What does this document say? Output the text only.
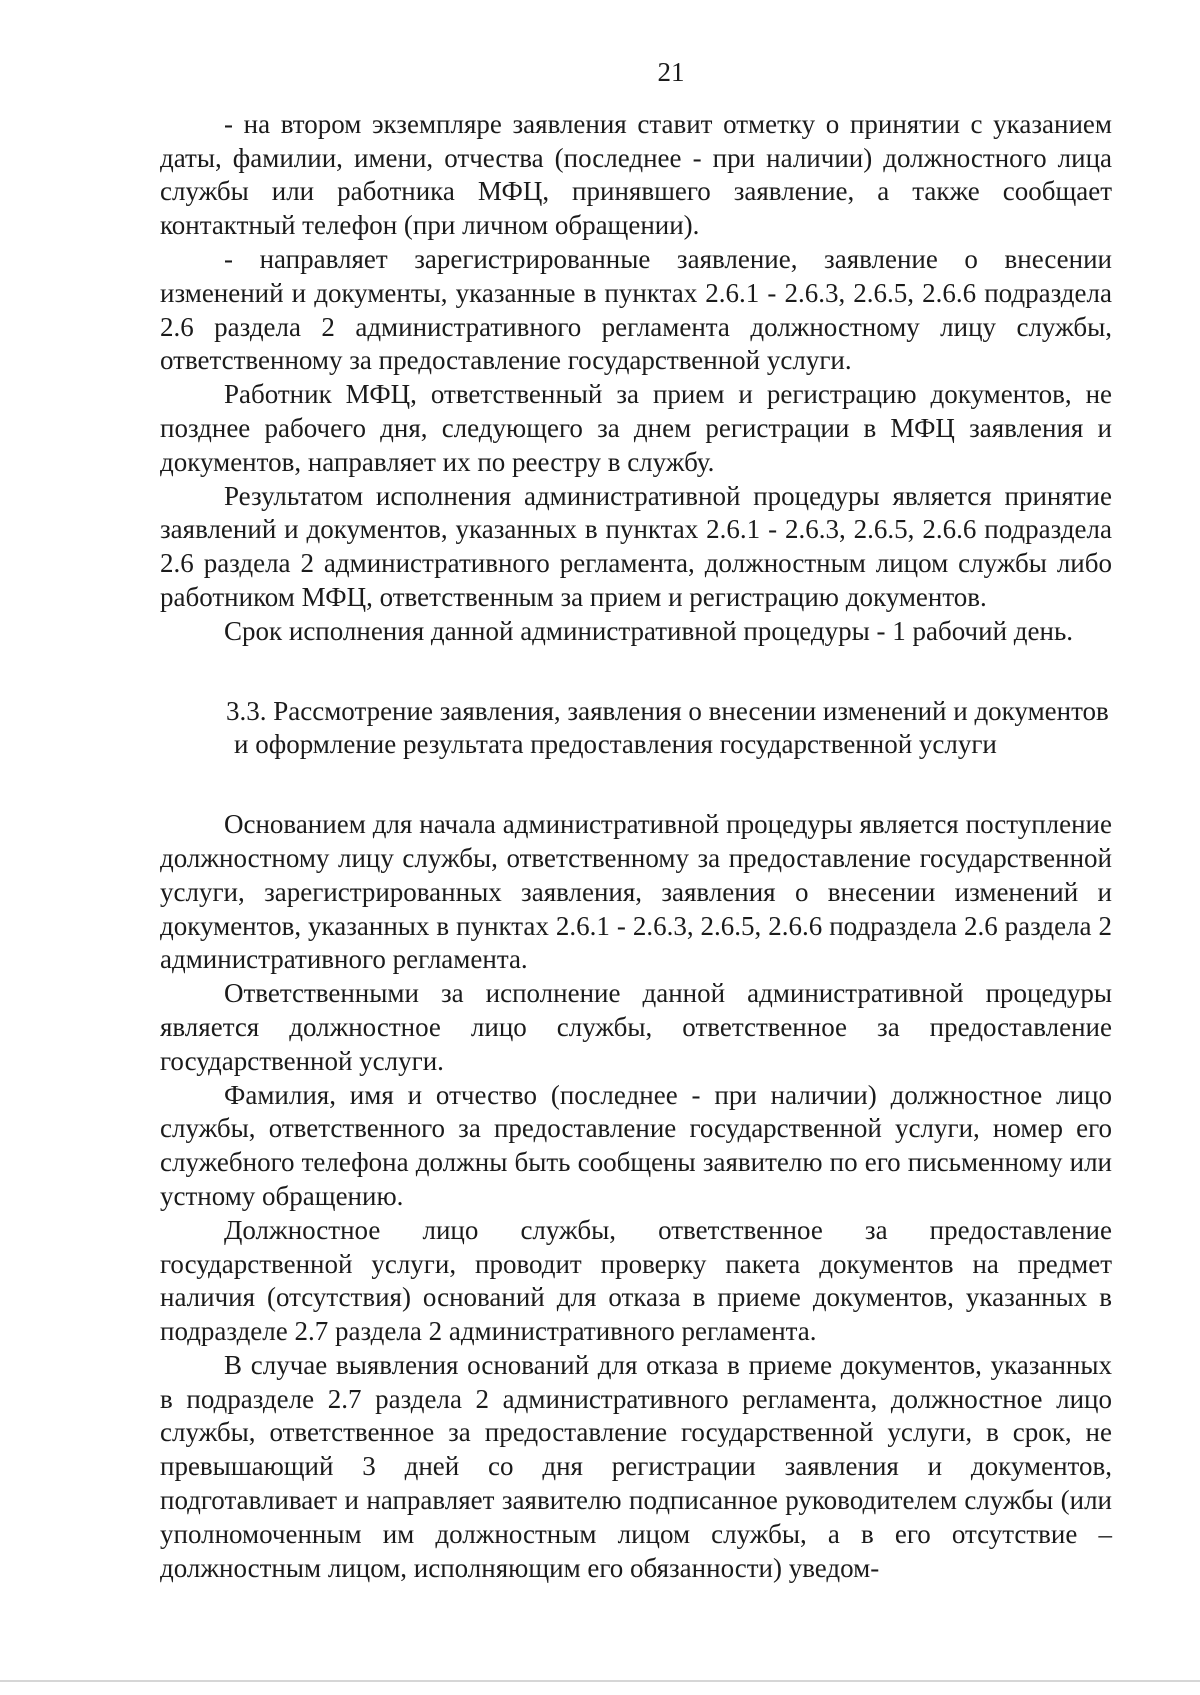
21

- на втором экземпляре заявления ставит отметку о принятии с указанием даты, фамилии, имени, отчества (последнее - при наличии) должностного лица службы или работника МФЦ, принявшего заявление, а также сообщает контактный телефон (при личном обращении).

- направляет зарегистрированные заявление, заявление о внесении изменений и документы, указанные в пунктах 2.6.1 - 2.6.3, 2.6.5, 2.6.6 подраздела 2.6 раздела 2 административного регламента должностному лицу службы, ответственному за предоставление государственной услуги.

Работник МФЦ, ответственный за прием и регистрацию документов, не позднее рабочего дня, следующего за днем регистрации в МФЦ заявления и документов, направляет их по реестру в службу.

Результатом исполнения административной процедуры является принятие заявлений и документов, указанных в пунктах 2.6.1 - 2.6.3, 2.6.5, 2.6.6 подраздела 2.6 раздела 2 административного регламента, должностным лицом службы либо работником МФЦ, ответственным за прием и регистрацию документов.

Срок исполнения данной административной процедуры - 1 рабочий день.

3.3. Рассмотрение заявления, заявления о внесении изменений и документов и оформление результата предоставления государственной услуги

Основанием для начала административной процедуры является поступление должностному лицу службы, ответственному за предоставление государственной услуги, зарегистрированных заявления, заявления о внесении изменений и документов, указанных в пунктах 2.6.1 - 2.6.3, 2.6.5, 2.6.6 подраздела 2.6 раздела 2 административного регламента.

Ответственными за исполнение данной административной процедуры является должностное лицо службы, ответственное за предоставление государственной услуги.

Фамилия, имя и отчество (последнее - при наличии) должностное лицо службы, ответственного за предоставление государственной услуги, номер его служебного телефона должны быть сообщены заявителю по его письменному или устному обращению.

Должностное лицо службы, ответственное за предоставление государственной услуги, проводит проверку пакета документов на предмет наличия (отсутствия) оснований для отказа в приеме документов, указанных в подразделе 2.7 раздела 2 административного регламента.

В случае выявления оснований для отказа в приеме документов, указанных в подразделе 2.7 раздела 2 административного регламента, должностное лицо службы, ответственное за предоставление государственной услуги, в срок, не превышающий 3 дней со дня регистрации заявления и документов, подготавливает и направляет заявителю подписанное руководителем службы (или уполномоченным им должностным лицом службы, а в его отсутствие – должностным лицом, исполняющим его обязанности) уведом-
